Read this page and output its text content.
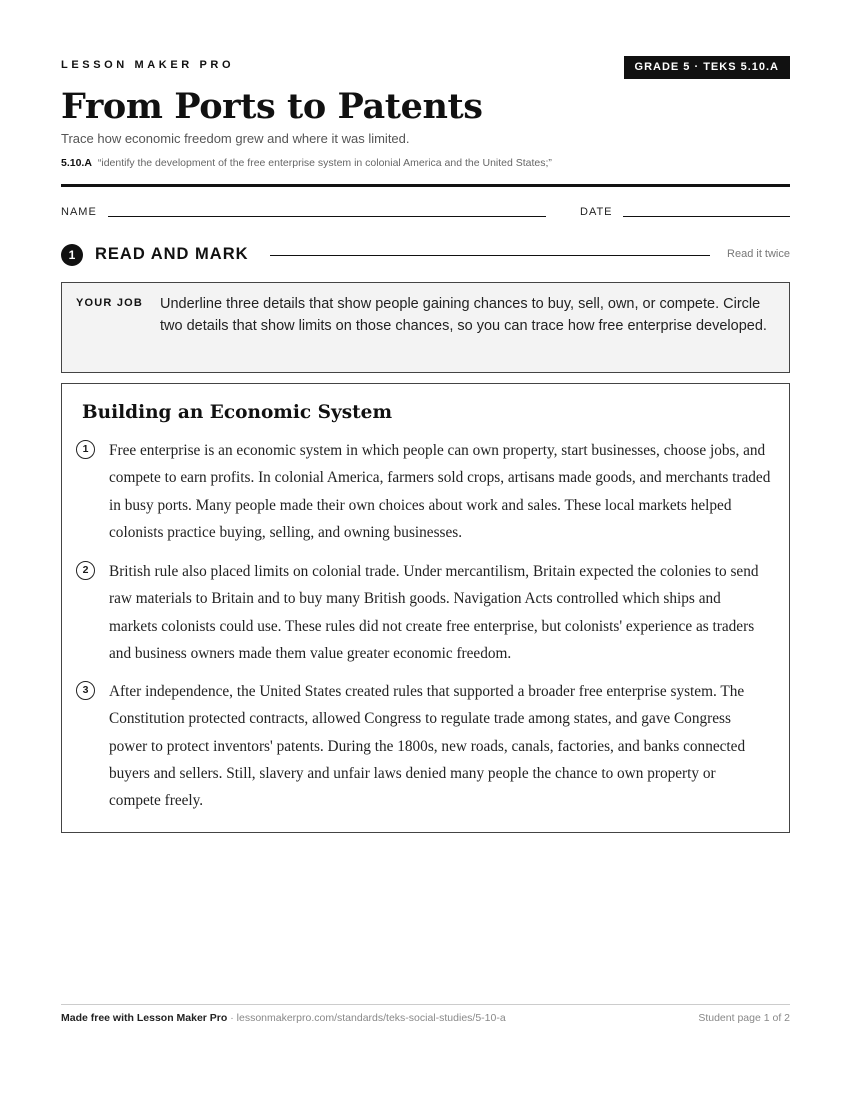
LESSON MAKER PRO	GRADE 5 · TEKS 5.10.A
From Ports to Patents
Trace how economic freedom grew and where it was limited.
5.10.A “identify the development of the free enterprise system in colonial America and the United States;”
NAME	DATE
1	READ AND MARK	Read it twice
YOUR JOB Underline three details that show people gaining chances to buy, sell, own, or compete. Circle two details that show limits on those chances, so you can trace how free enterprise developed.
Building an Economic System
1	Free enterprise is an economic system in which people can own property, start businesses, choose jobs, and compete to earn profits. In colonial America, farmers sold crops, artisans made goods, and merchants traded in busy ports. Many people made their own choices about work and sales. These local markets helped colonists practice buying, selling, and owning businesses.

2	British rule also placed limits on colonial trade. Under mercantilism, Britain expected the colonies to send raw materials to Britain and to buy many British goods. Navigation Acts controlled which ships and markets colonists could use. These rules did not create free enterprise, but colonists' experience as traders and business owners made them value greater economic freedom.

3	After independence, the United States created rules that supported a broader free enterprise system. The Constitution protected contracts, allowed Congress to regulate trade among states, and gave Congress power to protect inventors' patents. During the 1800s, new roads, canals, factories, and banks connected buyers and sellers. Still, slavery and unfair laws denied many people the chance to own property or compete freely.

Made free with Lesson Maker Pro · lessonmakerpro.com/standards/teks-social-studies/5-10-a	Student page 1 of 2
